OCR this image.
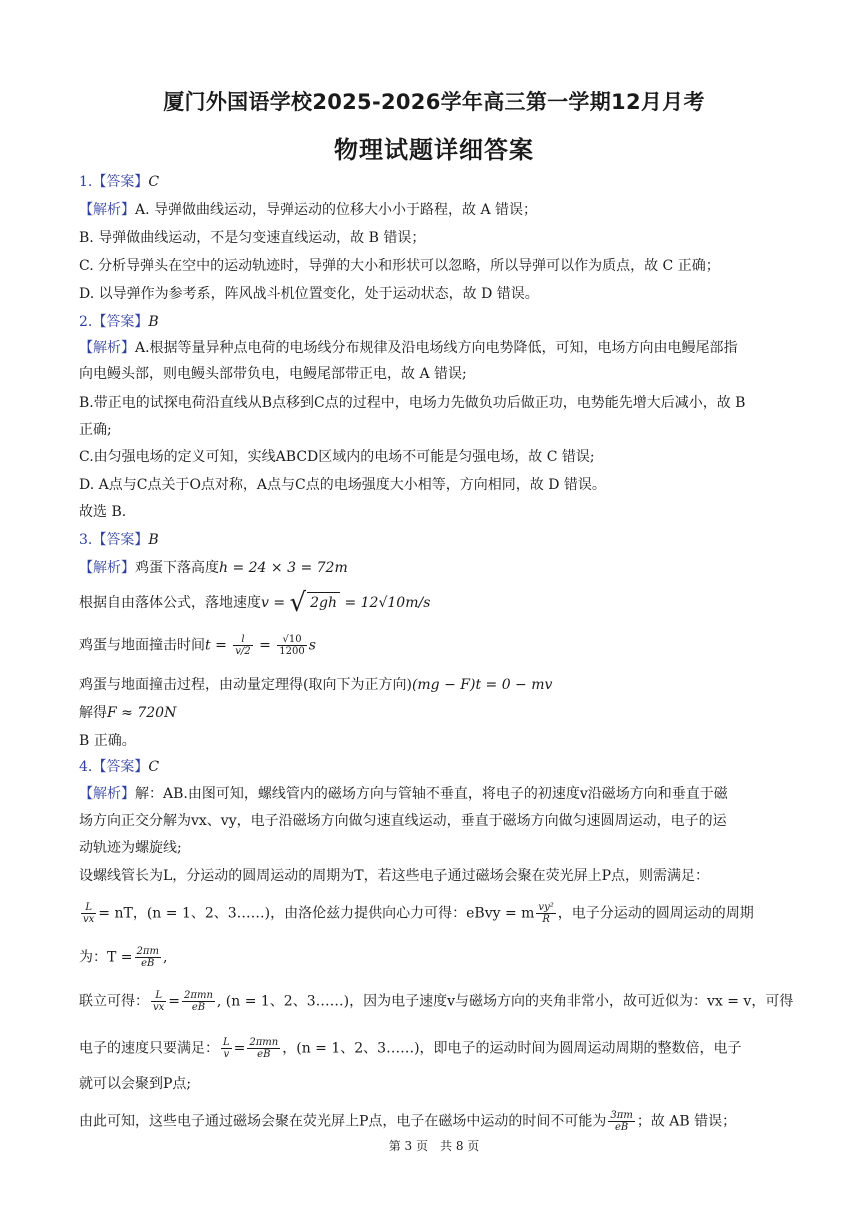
厦门外国语学校2025-2026学年高三第一学期12月月考
物理试题详细答案
1.【答案】C
【解析】A. 导弹做曲线运动，导弹运动的位移大小小于路程，故 A 错误；
B. 导弹做曲线运动，不是匀变速直线运动，故 B 错误；
C. 分析导弹头在空中的运动轨迹时，导弹的大小和形状可以忽略，所以导弹可以作为质点，故 C 正确；
D. 以导弹作为参考系，阵风战斗机位置变化，处于运动状态，故 D 错误。
2.【答案】B
【解析】A.根据等量异种点电荷的电场线分布规律及沿电场线方向电势降低，可知，电场方向由电鳗尾部指
向电鳗头部，则电鳗头部带负电，电鳗尾部带正电，故 A 错误;
B.带正电的试探电荷沿直线从B点移到C点的过程中，电场力先做负功后做正功，电势能先增大后减小，故 B
正确;
C.由匀强电场的定义可知，实线ABCD区域内的电场不可能是匀强电场，故 C 错误;
D. A点与C点关于O点对称，A点与C点的电场强度大小相等，方向相同，故 D 错误。
故选 B.
3.【答案】B
【解析】鸡蛋下落高度h = 24 × 3 = 72m
根据自由落体公式，落地速度v = √ 2gh = 12√10m/s
鸡蛋与地面撞击时间$t = \frac{l}{v/2} = \frac{√10}{1200}$ s
鸡蛋与地面撞击过程，由动量定理得(取向下为正方向)(mg − F)t = 0 − mv
解得F ≈ 720N
B 正确。
4.【答案】C
【解析】解：AB.由图可知，螺线管内的磁场方向与管轴不垂直，将电子的初速度v沿磁场方向和垂直于磁
场方向正交分解为vx、vy，电子沿磁场方向做匀速直线运动，垂直于磁场方向做匀速圆周运动，电子的运
动轨迹为螺旋线;
设螺线管长为L，分运动的圆周运动的周期为T，若这些电子通过磁场会聚在荧光屏上P点，则需满足：
$\frac{L}{vx}$ = nT，(n = 1、2、3……)，由洛伦兹力提供向心力可得：eBvy = m $\frac{\text{vy²}}{R}$ ，电子分运动的圆周运动的周期
为：$T = \frac{2\pi m}{eB}$ ,
联立可得： $\frac{L}{vx} = \frac{\text{2πmn}}{eB}$ , (n = 1、2、3……)，因为电子速度v与磁场方向的夹角非常小，故可近似为：vx = v，可得
电子的速度只要满足： $\frac{L}{v} = \frac{\text{2πmn}}{eB}$ ，(n = 1、2、3……)，即电子的运动时间为圆周运动周期的整数倍，电子
就可以会聚到P点;
由此可知，这些电子通过磁场会聚在荧光屏上P点，电子在磁场中运动的时间不可能为 $\frac{3\pi m}{eB}$ ；故 AB 错误；
第 3 页　共 8 页
